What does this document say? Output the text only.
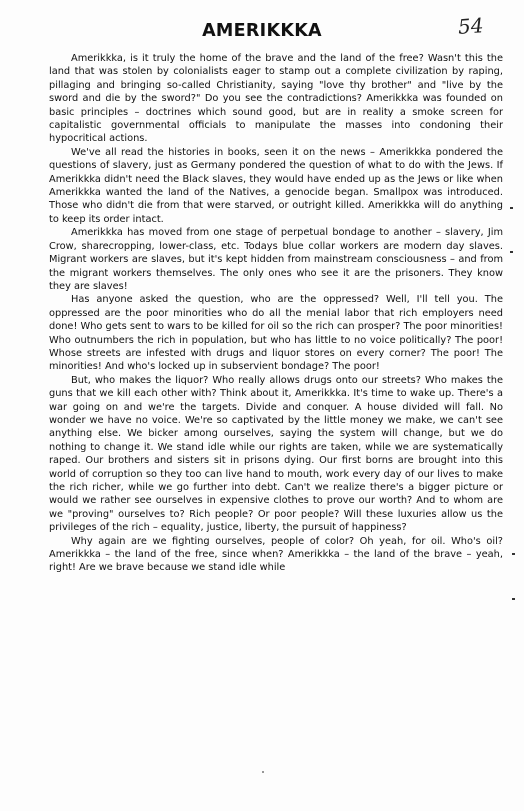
AMERIKKKA	54

Amerikkka, is it truly the home of the brave and the land of the free? Wasn't this the land that was stolen by colonialists eager to stamp out a complete civilization by raping, pillaging and bringing so-called Christianity, saying "love thy brother" and "live by the sword and die by the sword?" Do you see the contradictions? Amerikkka was founded on basic principles – doctrines which sound good, but are in reality a smoke screen for capitalistic governmental officials to manipulate the masses into condoning their hypocritical actions.

We've all read the histories in books, seen it on the news – Amerikkka pondered the questions of slavery, just as Germany pondered the question of what to do with the Jews. If Amerikkka didn't need the Black slaves, they would have ended up as the Jews or like when Amerikkka wanted the land of the Natives, a genocide began. Smallpox was introduced. Those who didn't die from that were starved, or outright killed. Amerikkka will do anything to keep its order intact.

Amerikkka has moved from one stage of perpetual bondage to another – slavery, Jim Crow, sharecropping, lower-class, etc. Todays blue collar workers are modern day slaves. Migrant workers are slaves, but it's kept hidden from mainstream consciousness – and from the migrant workers themselves. The only ones who see it are the prisoners. They know they are slaves!

Has anyone asked the question, who are the oppressed? Well, I'll tell you. The oppressed are the poor minorities who do all the menial labor that rich employers need done! Who gets sent to wars to be killed for oil so the rich can prosper? The poor minorities! Who outnumbers the rich in population, but who has little to no voice politically? The poor! Whose streets are infested with drugs and liquor stores on every corner? The poor! The minorities! And who's locked up in subservient bondage? The poor!

But, who makes the liquor? Who really allows drugs onto our streets? Who makes the guns that we kill each other with? Think about it, Amerikkka. It's time to wake up. There's a war going on and we're the targets. Divide and conquer. A house divided will fall. No wonder we have no voice. We're so captivated by the little money we make, we can't see anything else. We bicker among ourselves, saying the system will change, but we do nothing to change it. We stand idle while our rights are taken, while we are systematically raped. Our brothers and sisters sit in prisons dying. Our first borns are brought into this world of corruption so they too can live hand to mouth, work every day of our lives to make the rich richer, while we go further into debt. Can't we realize there's a bigger picture or would we rather see ourselves in expensive clothes to prove our worth? And to whom are we "proving" ourselves to? Rich people? Or poor people? Will these luxuries allow us the privileges of the rich – equality, justice, liberty, the pursuit of happiness?

Why again are we fighting ourselves, people of color? Oh yeah, for oil. Who's oil? Amerikkka – the land of the free, since when? Amerikkka – the land of the brave – yeah, right! Are we brave because we stand idle while
